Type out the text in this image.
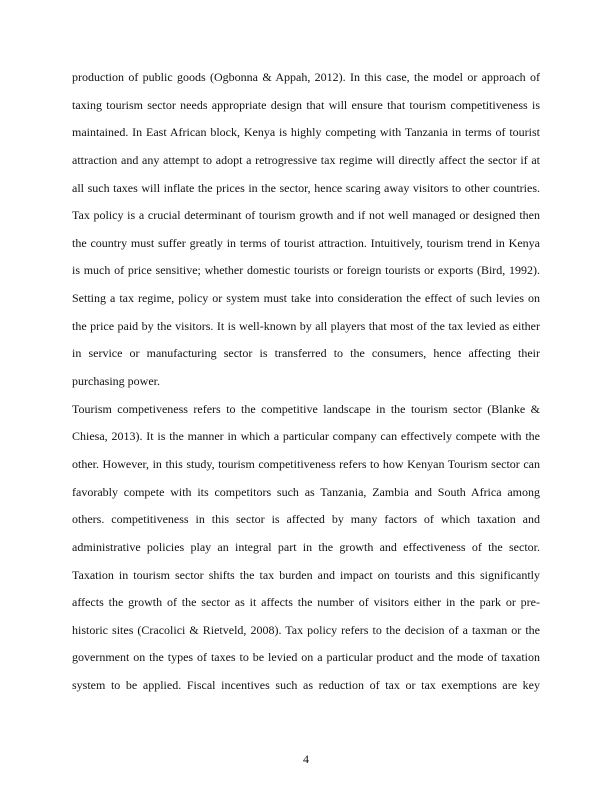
production of public goods (Ogbonna & Appah, 2012). In this case, the model or approach of
taxing tourism sector needs appropriate design that will ensure that tourism competitiveness is
maintained. In East African block, Kenya is highly competing with Tanzania in terms of tourist
attraction and any attempt to adopt a retrogressive tax regime will directly affect the sector if at
all such taxes will inflate the prices in the sector, hence scaring away visitors to other countries.
Tax policy is a crucial determinant of tourism growth and if not well managed or designed then
the country must suffer greatly in terms of tourist attraction. Intuitively, tourism trend in Kenya
is much of price sensitive; whether domestic tourists or foreign tourists or exports (Bird, 1992).
Setting a tax regime, policy or system must take into consideration the effect of such levies on
the price paid by the visitors. It is well-known by all players that most of the tax levied as either
in service or manufacturing sector is transferred to the consumers, hence affecting their
purchasing power.
Tourism competiveness refers to the competitive landscape in the tourism sector (Blanke &
Chiesa, 2013). It is the manner in which a particular company can effectively compete with the
other. However, in this study, tourism competitiveness refers to how Kenyan Tourism sector can
favorably compete with its competitors such as Tanzania, Zambia and South Africa among
others. competitiveness in this sector is affected by many factors of which taxation and
administrative policies play an integral part in the growth and effectiveness of the sector.
Taxation in tourism sector shifts the tax burden and impact on tourists and this significantly
affects the growth of the sector as it affects the number of visitors either in the park or pre-
historic sites (Cracolici & Rietveld, 2008). Tax policy refers to the decision of a taxman or the
government on the types of taxes to be levied on a particular product and the mode of taxation
system to be applied. Fiscal incentives such as reduction of tax or tax exemptions are key
4
